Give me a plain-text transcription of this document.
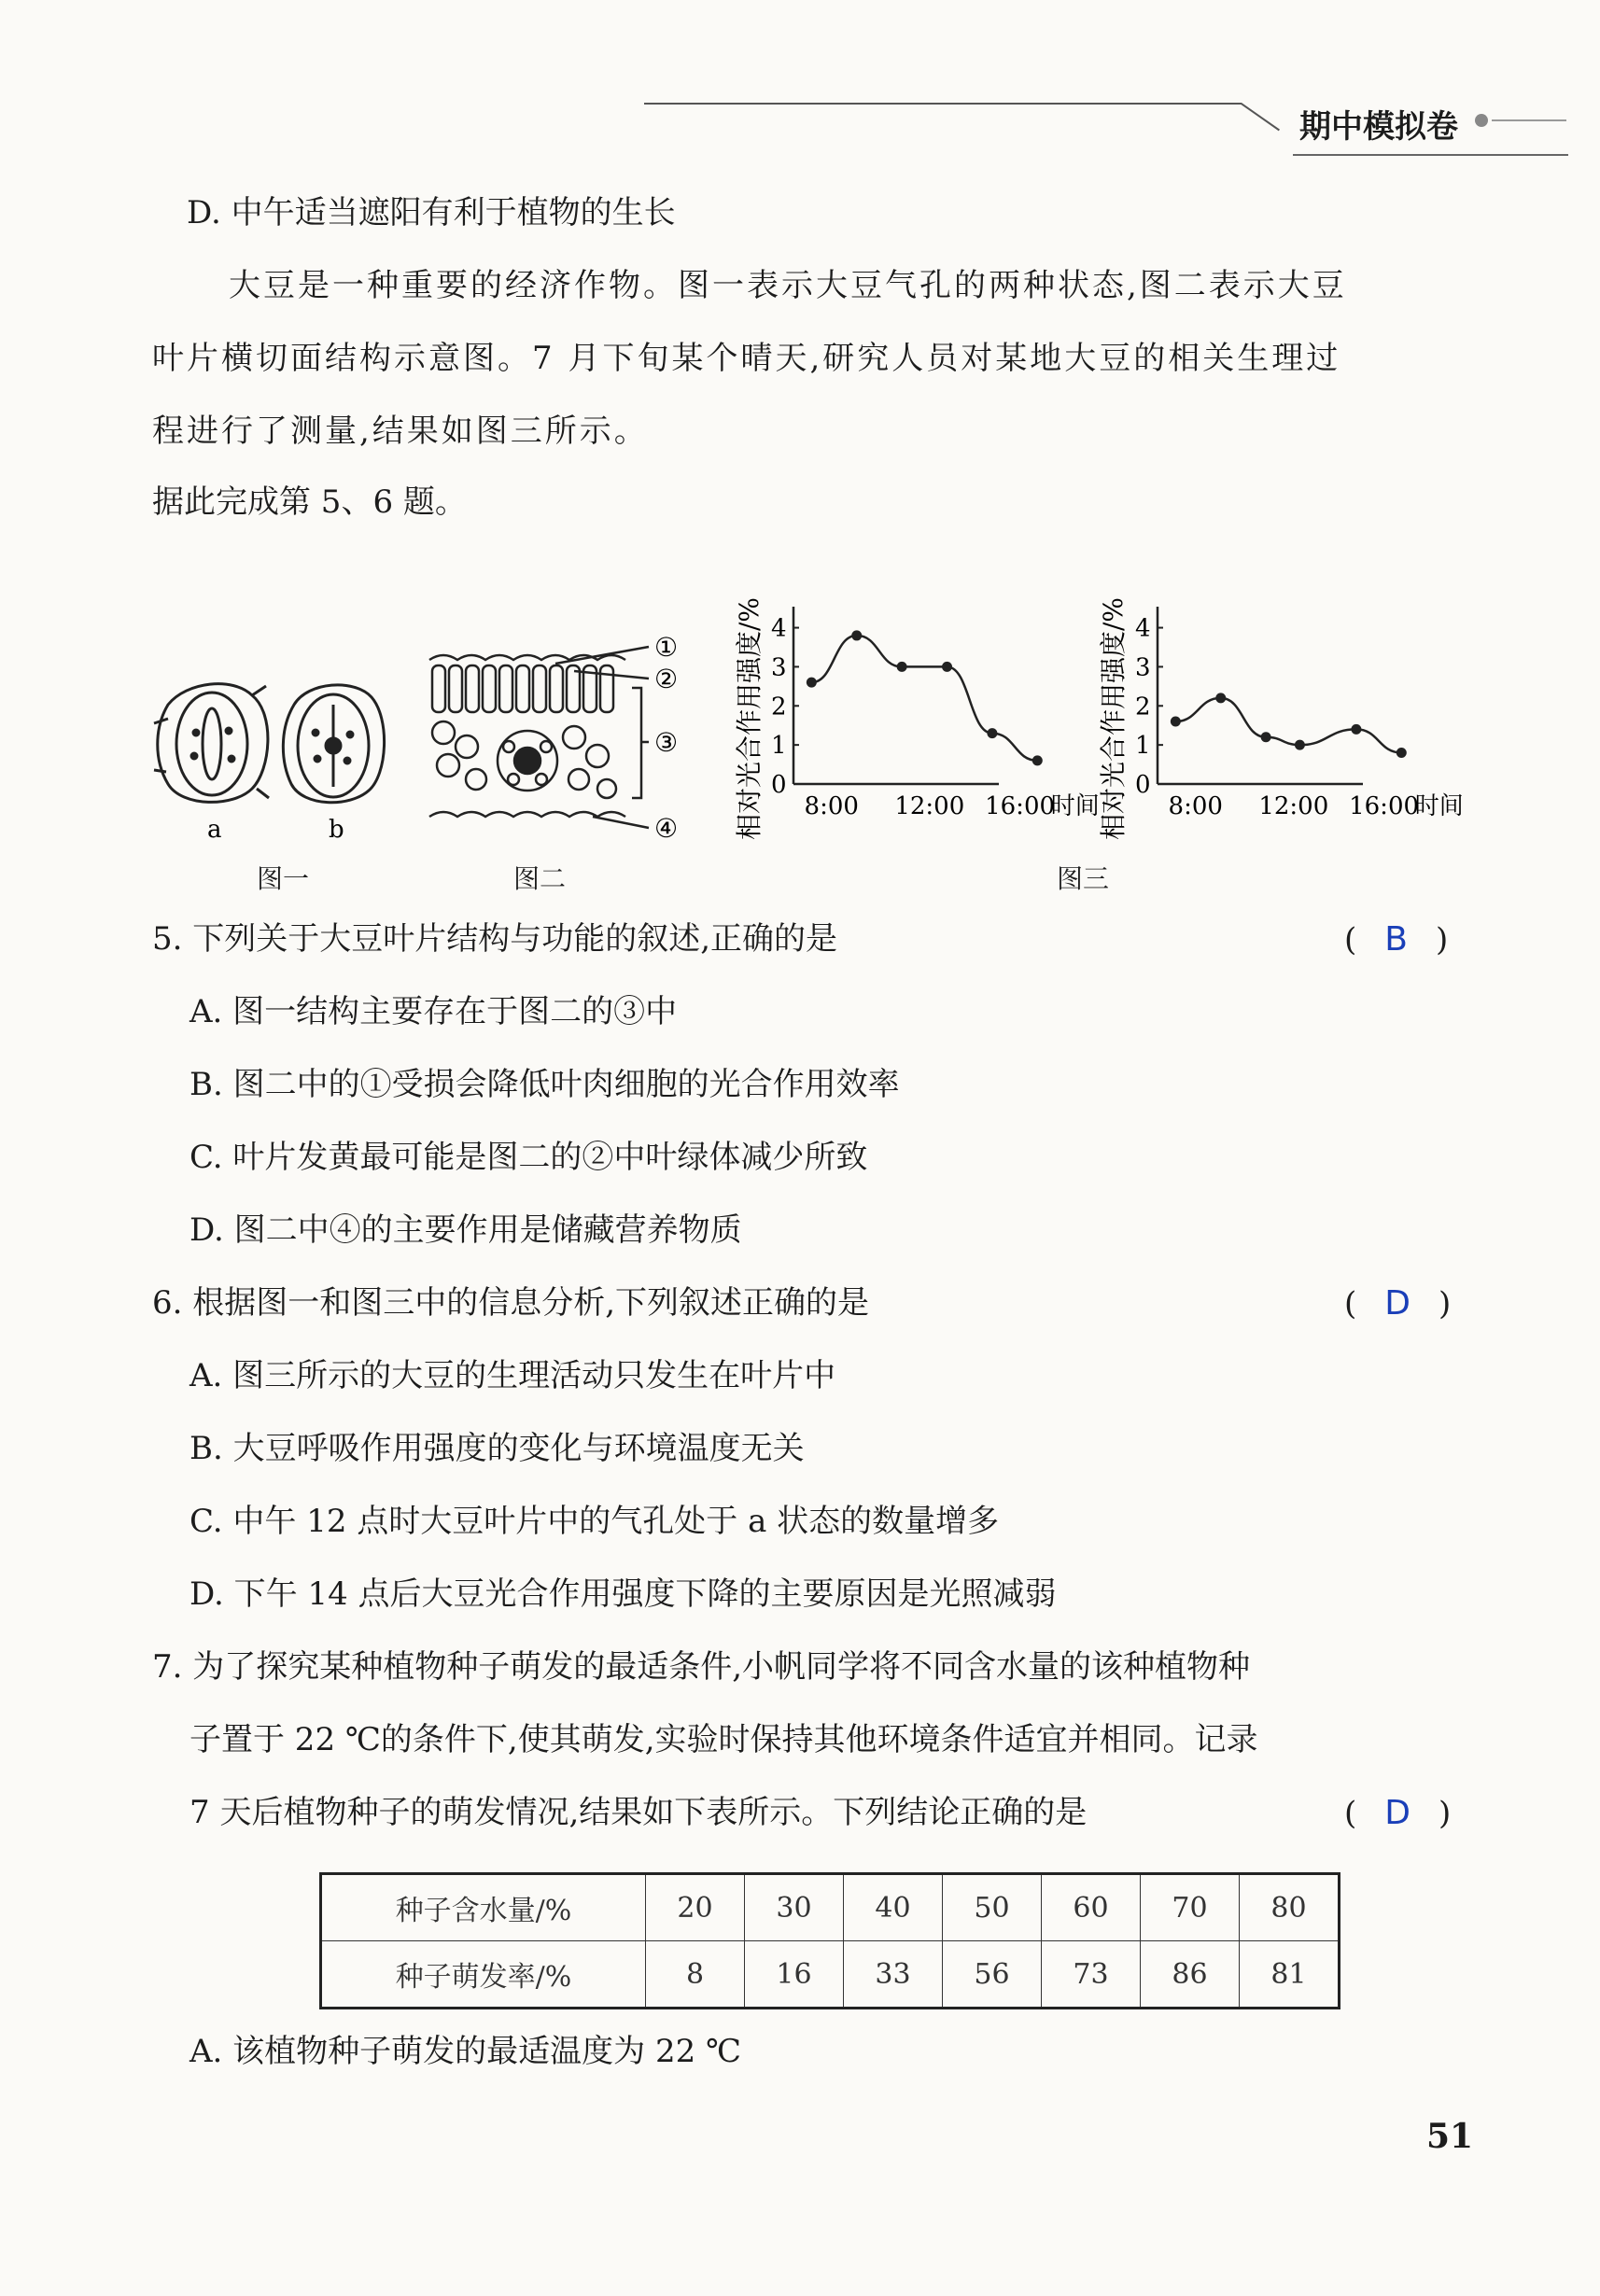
期中模拟卷
D. 中午适当遮阳有利于植物的生长
大豆是一种重要的经济作物。图一表示大豆气孔的两种状态,图二表示大豆
叶片横切面结构示意图。7 月下旬某个晴天,研究人员对某地大豆的相关生理过
程进行了测量,结果如图三所示。
据此完成第 5、6 题。
a	b
图一
①
②
③
④
图二
相对光合作用强度/% 0
1
2
3
4
8:00 12:00 16:00
时间
相对光合作用强度/% 0
1
2
3
4
8:00 12:00 16:00
时间
图三
5. 下列关于大豆叶片结构与功能的叙述,正确的是	( B )
A. 图一结构主要存在于图二的③中
B. 图二中的①受损会降低叶肉细胞的光合作用效率
C. 叶片发黄最可能是图二的②中叶绿体减少所致
D. 图二中④的主要作用是储藏营养物质
6. 根据图一和图三中的信息分析,下列叙述正确的是	( D )
A. 图三所示的大豆的生理活动只发生在叶片中
B. 大豆呼吸作用强度的变化与环境温度无关
C. 中午 12 点时大豆叶片中的气孔处于 a 状态的数量增多
D. 下午 14 点后大豆光合作用强度下降的主要原因是光照减弱
7. 为了探究某种植物种子萌发的最适条件,小帆同学将不同含水量的该种植物种
子置于 22 ℃的条件下,使其萌发,实验时保持其他环境条件适宜并相同。记录
7 天后植物种子的萌发情况,结果如下表所示。下列结论正确的是	( D )
种子含水量/%	20	30	40	50	60	70	80
种子萌发率/%	8	16	33	56	73	86	81
A. 该植物种子萌发的最适温度为 22 ℃
51
